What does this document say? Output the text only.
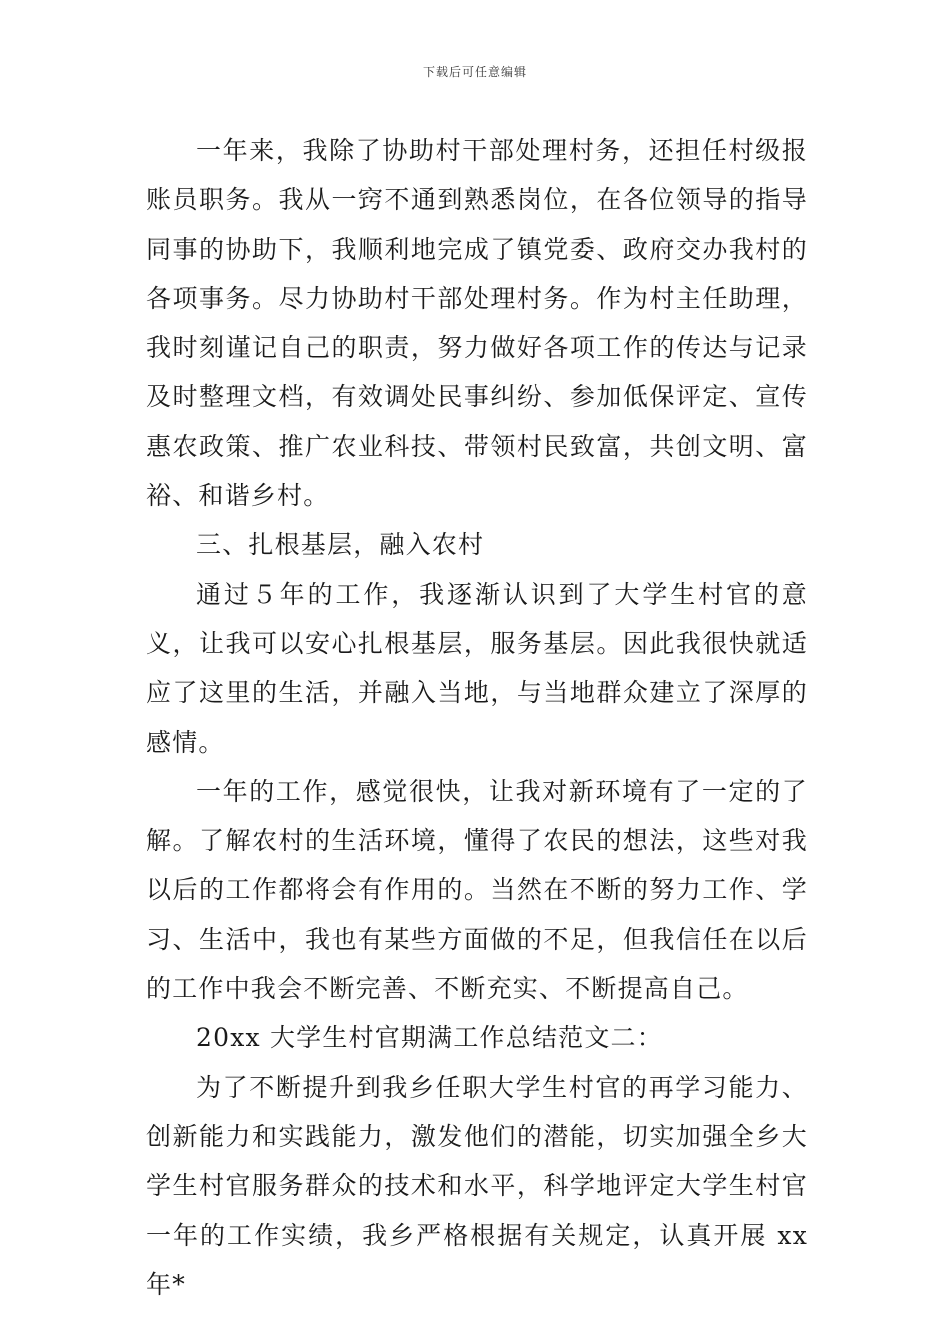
下载后可任意编辑

一年来，我除了协助村干部处理村务，还担任村级报账员职务。我从一窍不通到熟悉岗位，在各位领导的指导同事的协助下，我顺利地完成了镇党委、政府交办我村的各项事务。尽力协助村干部处理村务。作为村主任助理，我时刻谨记自己的职责，努力做好各项工作的传达与记录及时整理文档，有效调处民事纠纷、参加低保评定、宣传惠农政策、推广农业科技、带领村民致富，共创文明、富裕、和谐乡村。

三、扎根基层，融入农村

通过５年的工作，我逐渐认识到了大学生村官的意义，让我可以安心扎根基层，服务基层。因此我很快就适应了这里的生活，并融入当地，与当地群众建立了深厚的感情。

一年的工作，感觉很快，让我对新环境有了一定的了解。了解农村的生活环境，懂得了农民的想法，这些对我以后的工作都将会有作用的。当然在不断的努力工作、学习、生活中，我也有某些方面做的不足，但我信任在以后的工作中我会不断完善、不断充实、不断提高自己。

20xx 大学生村官期满工作总结范文二：

为了不断提升到我乡任职大学生村官的再学习能力、创新能力和实践能力，激发他们的潜能，切实加强全乡大学生村官服务群众的技术和水平，科学地评定大学生村官一年的工作实绩，我乡严格根据有关规定，认真开展 xx 年*
